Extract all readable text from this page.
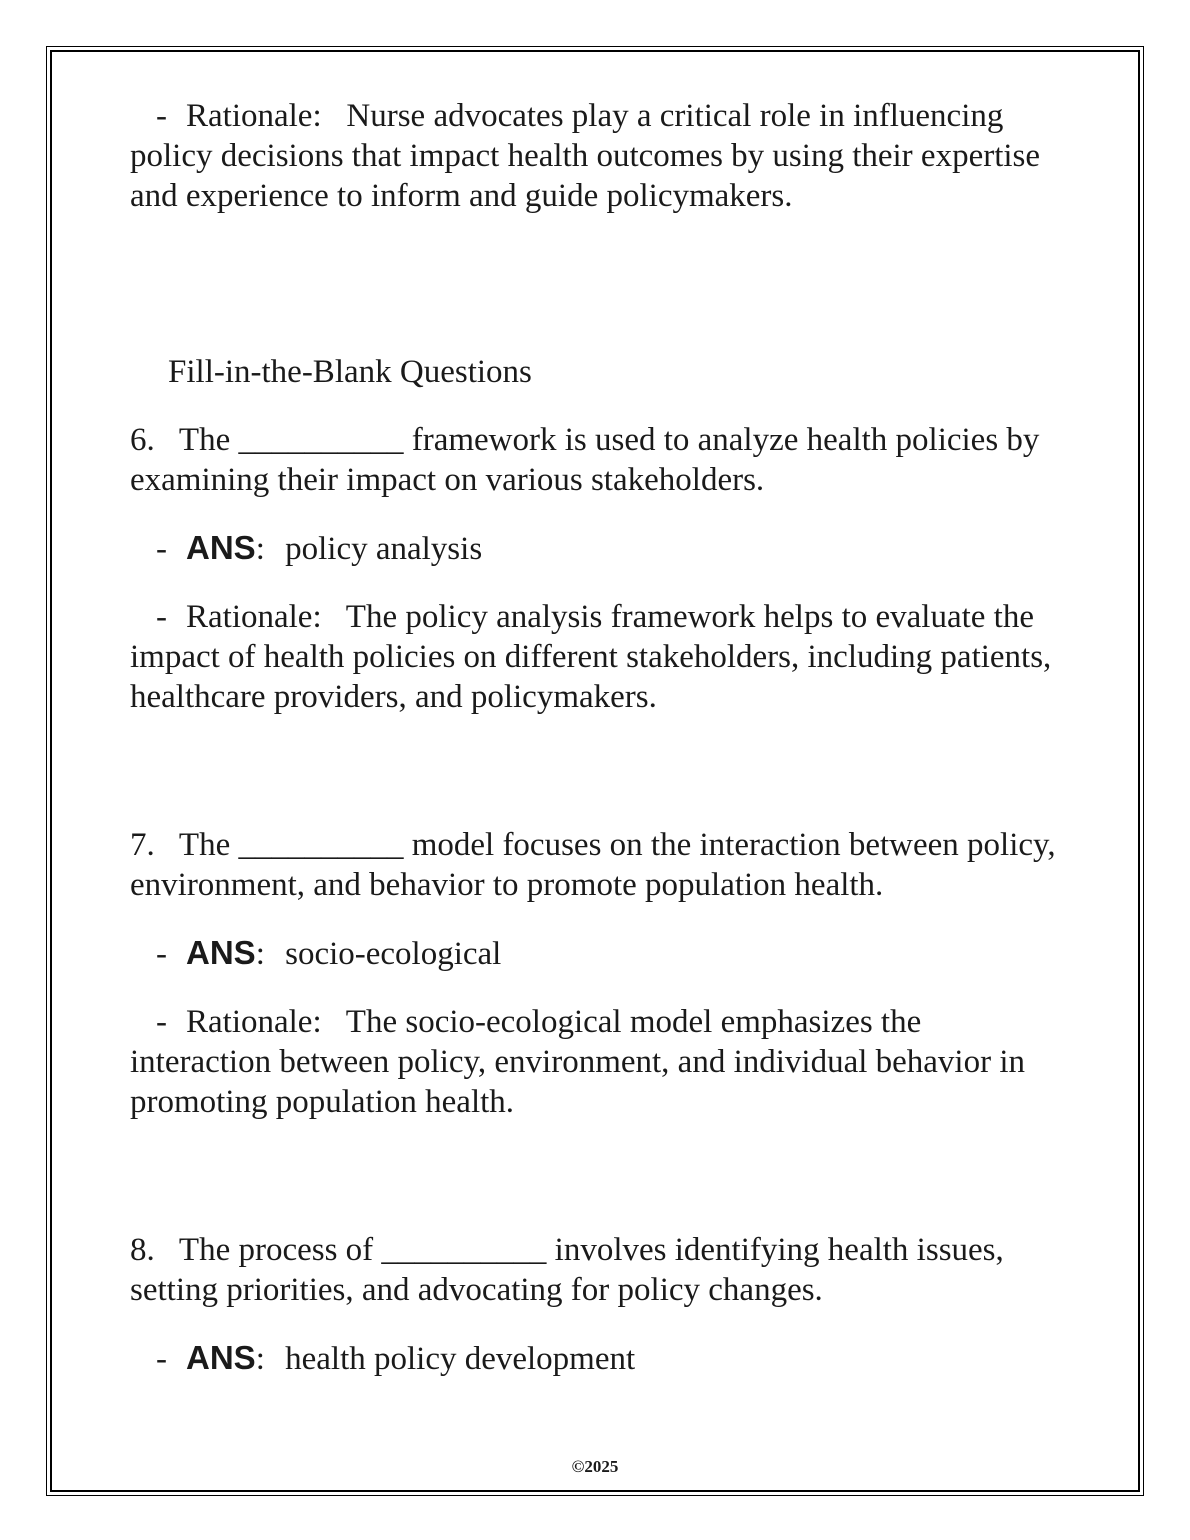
- Rationale: Nurse advocates play a critical role in influencing policy decisions that impact health outcomes by using their expertise and experience to inform and guide policymakers.

Fill-in-the-Blank Questions

6. The __________ framework is used to analyze health policies by examining their impact on various stakeholders.

- ANS: policy analysis

- Rationale: The policy analysis framework helps to evaluate the impact of health policies on different stakeholders, including patients, healthcare providers, and policymakers.

7. The __________ model focuses on the interaction between policy, environment, and behavior to promote population health.

- ANS: socio-ecological

- Rationale: The socio-ecological model emphasizes the interaction between policy, environment, and individual behavior in promoting population health.

8. The process of __________ involves identifying health issues, setting priorities, and advocating for policy changes.

- ANS: health policy development

©2025
